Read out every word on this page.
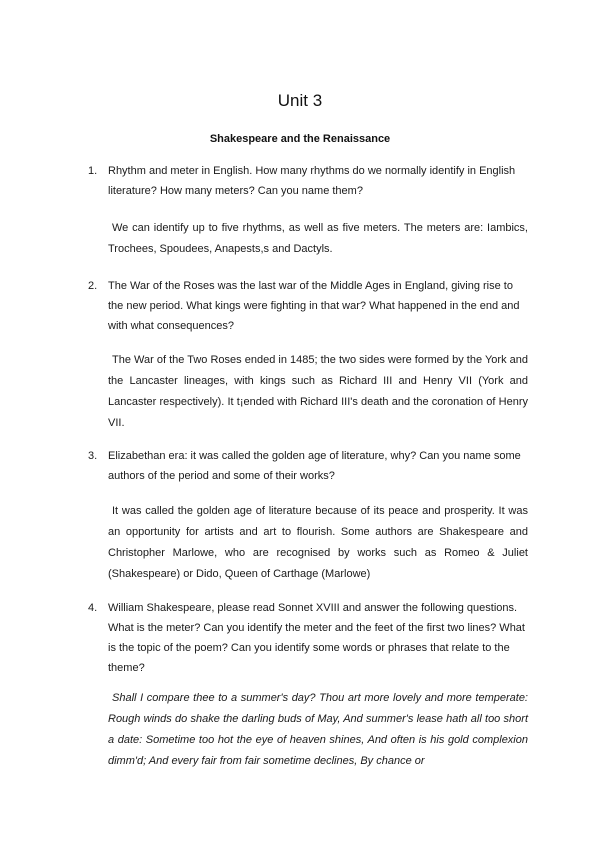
Unit 3
Shakespeare and the Renaissance
1. Rhythm and meter in English. How many rhythms do we normally identify in English literature? How many meters? Can you name them?

We can identify up to five rhythms, as well as five meters. The meters are: Iambics, Trochees, Spoudees, Anapests,s and Dactyls.

2. The War of the Roses was the last war of the Middle Ages in England, giving rise to the new period. What kings were fighting in that war? What happened in the end and with what consequences?

The War of the Two Roses ended in 1485; the two sides were formed by the York and the Lancaster lineages, with kings such as Richard III and Henry VII (York and Lancaster respectively). It t¡ended with Richard III's death and the coronation of Henry VII.

3. Elizabethan era: it was called the golden age of literature, why? Can you name some authors of the period and some of their works?

It was called the golden age of literature because of its peace and prosperity. It was an opportunity for artists and art to flourish. Some authors are Shakespeare and Christopher Marlowe, who are recognised by works such as Romeo & Juliet (Shakespeare) or Dido, Queen of Carthage (Marlowe)

4. William Shakespeare, please read Sonnet XVIII and answer the following questions. What is the meter? Can you identify the meter and the feet of the first two lines? What is the topic of the poem? Can you identify some words or phrases that relate to the theme?

Shall I compare thee to a summer's day? Thou art more lovely and more temperate: Rough winds do shake the darling buds of May, And summer's lease hath all too short a date: Sometime too hot the eye of heaven shines, And often is his gold complexion dimm'd; And every fair from fair sometime declines, By chance or
